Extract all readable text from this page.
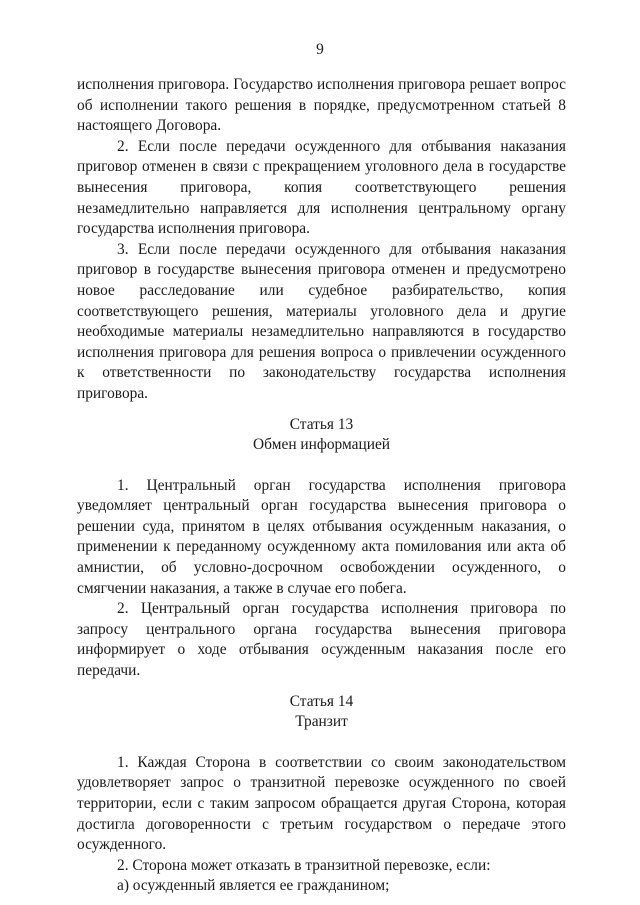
9

исполнения приговора. Государство исполнения приговора решает вопрос об исполнении такого решения в порядке, предусмотренном статьей 8 настоящего Договора.

2. Если после передачи осужденного для отбывания наказания приговор отменен в связи с прекращением уголовного дела в государстве вынесения приговора, копия соответствующего решения незамедлительно направляется для исполнения центральному органу государства исполнения приговора.

3. Если после передачи осужденного для отбывания наказания приговор в государстве вынесения приговора отменен и предусмотрено новое расследование или судебное разбирательство, копия соответствующего решения, материалы уголовного дела и другие необходимые материалы незамедлительно направляются в государство исполнения приговора для решения вопроса о привлечении осужденного к ответственности по законодательству государства исполнения приговора.

Статья 13

Обмен информацией

1. Центральный орган государства исполнения приговора уведомляет центральный орган государства вынесения приговора о решении суда, принятом в целях отбывания осужденным наказания, о применении к переданному осужденному акта помилования или акта об амнистии, об условно-досрочном освобождении осужденного, о смягчении наказания, а также в случае его побега.

2. Центральный орган государства исполнения приговора по запросу центрального органа государства вынесения приговора информирует о ходе отбывания осужденным наказания после его передачи.

Статья 14

Транзит

1. Каждая Сторона в соответствии со своим законодательством удовлетворяет запрос о транзитной перевозке осужденного по своей территории, если с таким запросом обращается другая Сторона, которая достигла договоренности с третьим государством о передаче этого осужденного.

2. Сторона может отказать в транзитной перевозке, если:

а) осужденный является ее гражданином;
